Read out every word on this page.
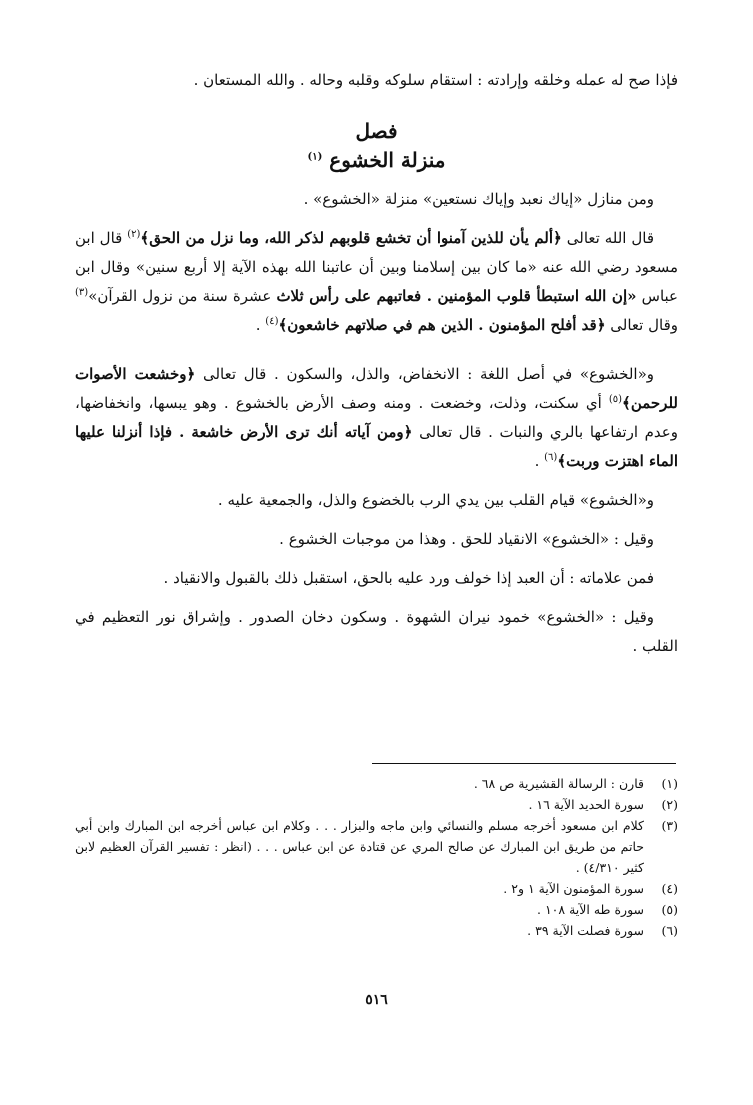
فإذا صح له عمله وخلقه وإرادته : استقام سلوكه وقلبه وحاله . والله المستعان .

فصل
منزلة الخشوع $^{(١)}$

ومن منازل «إياك نعبد وإياك نستعين» منزلة «الخشوع» .

قال الله تعالى ﴿ألم يأن للذين آمنوا أن تخشع قلوبهم لذكر الله، وما نزل من الحق﴾$^{(٢)}$ قال ابن مسعود رضي الله عنه «ما كان بين إسلامنا وبين أن عاتبنا الله بهذه الآية إلا أربع سنين» وقال ابن عباس «إن الله استبطأ قلوب المؤمنين . فعاتبهم على رأس ثلاث عشرة سنة من نزول القرآن»$^{(٣)}$ وقال تعالى ﴿قد أفلح المؤمنون . الذين هم في صلاتهم خاشعون﴾$^{(٤)}$ .

و«الخشوع» في أصل اللغة : الانخفاض، والذل، والسكون . قال تعالى ﴿وخشعت الأصوات للرحمن﴾$^{(٥)}$ أي سكنت، وذلت، وخضعت . ومنه وصف الأرض بالخشوع . وهو يبسها، وانخفاضها، وعدم ارتفاعها بالري والنبات . قال تعالى ﴿ومن آياته أنك ترى الأرض خاشعة . فإذا أنزلنا عليها الماء اهتزت وربت﴾$^{(٦)}$ .

و«الخشوع» قيام القلب بين يدي الرب بالخضوع والذل، والجمعية عليه .

وقيل : «الخشوع» الانقياد للحق . وهذا من موجبات الخشوع .

فمن علاماته : أن العبد إذا خولف ورد عليه بالحق، استقبل ذلك بالقبول والانقياد .

وقيل : «الخشوع» خمود نيران الشهوة . وسكون دخان الصدور . وإشراق نور التعظيم في القلب .

(١)
قارن : الرسالة القشيرية ص ٦٨ .
(٢)
سورة الحديد الآية ١٦ .
(٣)
كلام ابن مسعود أخرجه مسلم والنسائي وابن ماجه والبزار . . . وكلام ابن عباس أخرجه ابن المبارك وابن أبي حاتم من طريق ابن المبارك عن صالح المري عن قتادة عن ابن عباس . . . (انظر : تفسير القرآن العظيم لابن كثير ٤/٣١٠) .
(٤)
سورة المؤمنون الآية ١ و٢ .
(٥)
سورة طه الآية ١٠٨ .
(٦)
سورة فصلت الآية ٣٩ .
٥١٦
